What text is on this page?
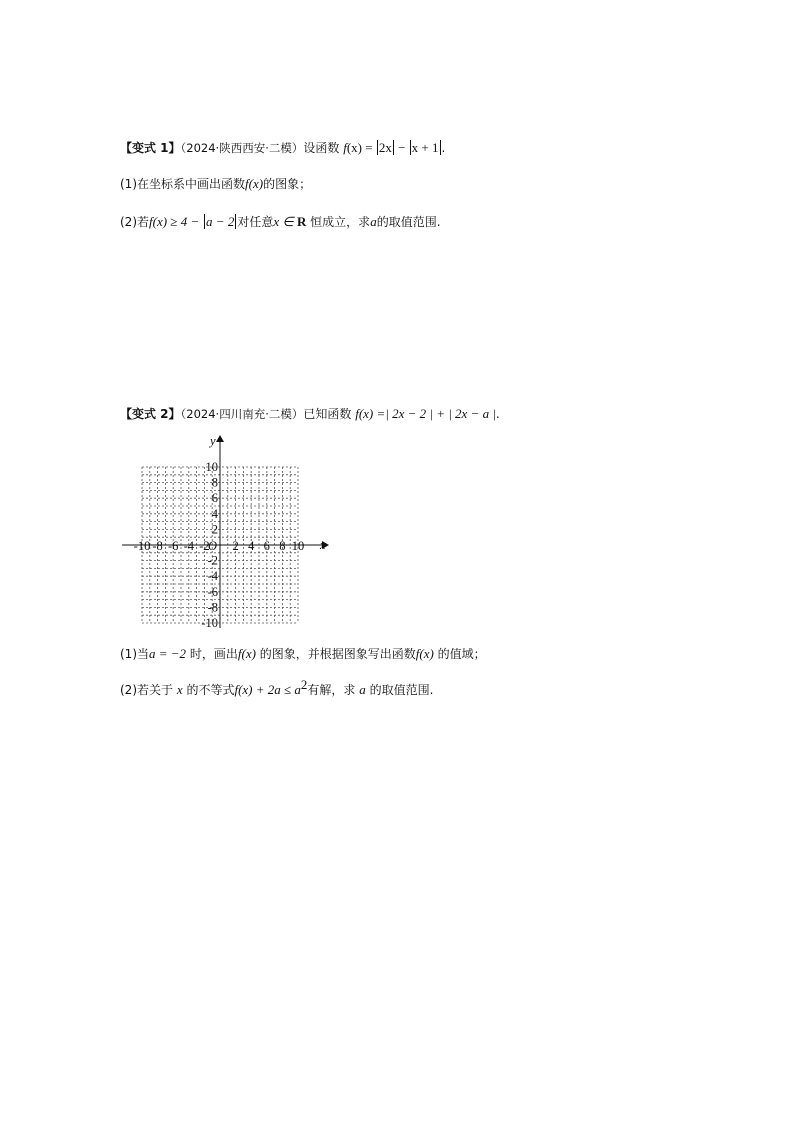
【变式 1】（2024·陕西西安·二模）设函数 f(x) = 2x − x + 1 .
(1)在坐标系中画出函数f(x)的图象；
(2)若f(x) ≥ 4 − a − 2 对任意x ∈ R 恒成立，求a的取值范围.
【变式 2】（2024·四川南充·二模）已知函数 f(x) =| 2x − 2 | + | 2x − a |.
x
y
O
-10 -8 -6 -4 -2 2 4 6 8 10
10
8
6
4
2
-2
-4
-6
-8
-10
(1)当a = −2 时，画出f(x) 的图象，并根据图象写出函数f(x) 的值域；
(2)若关于 x 的不等式$f(x) + 2a \le a^2$有解，求 a 的取值范围.
